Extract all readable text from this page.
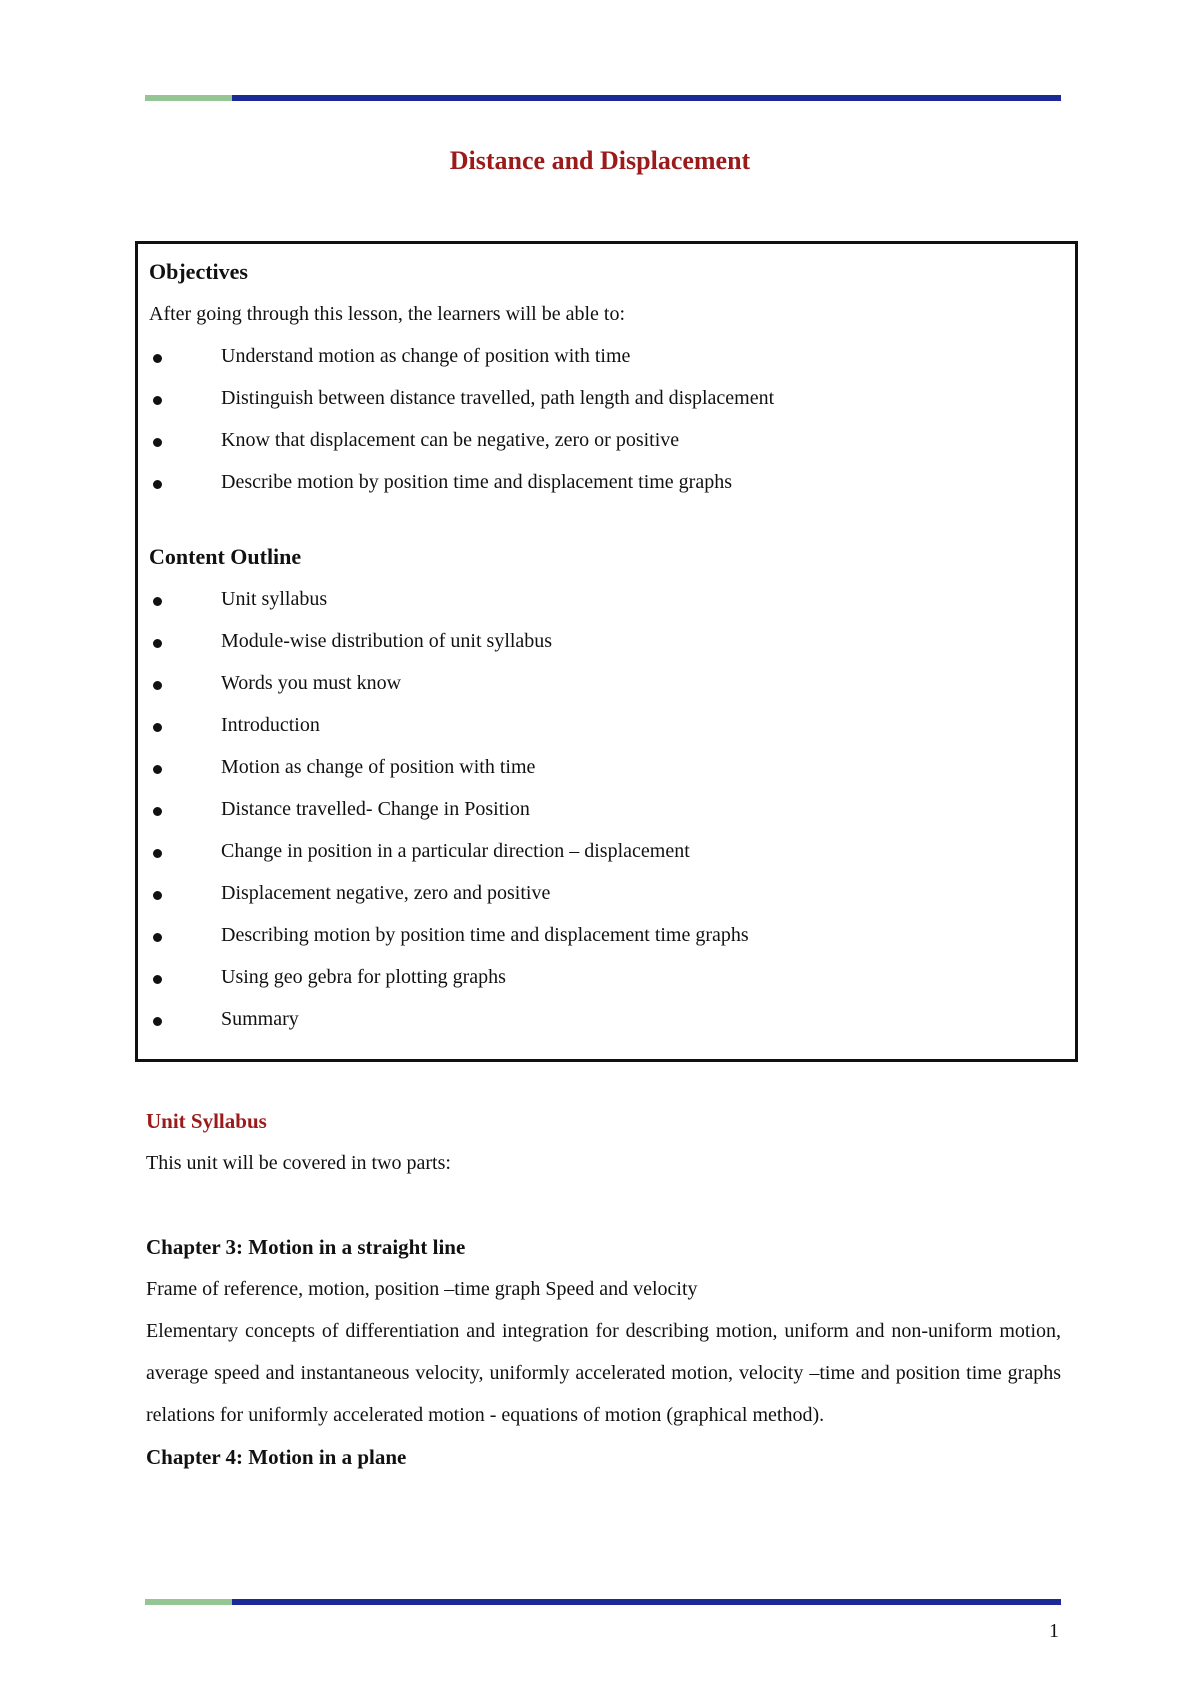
Distance and Displacement
Objectives
After going through this lesson, the learners will be able to:
Understand motion as change of position with time
Distinguish between distance travelled, path length and displacement
Know that displacement can be negative, zero or positive
Describe motion by position time and displacement time graphs
Content Outline
Unit syllabus
Module-wise distribution of unit syllabus
Words you must know
Introduction
Motion as change of position with time
Distance travelled- Change in Position
Change in position in a particular direction – displacement
Displacement negative, zero and positive
Describing motion by position time and displacement time graphs
Using geo gebra for plotting graphs
Summary
Unit Syllabus
This unit will be covered in two parts:
Chapter 3: Motion in a straight line
Frame of reference, motion, position –time graph Speed and velocity
Elementary concepts of differentiation and integration for describing motion, uniform and non-uniform motion, average speed and instantaneous velocity, uniformly accelerated motion, velocity –time and position time graphs relations for uniformly accelerated motion - equations of motion (graphical method).
Chapter 4: Motion in a plane
1
